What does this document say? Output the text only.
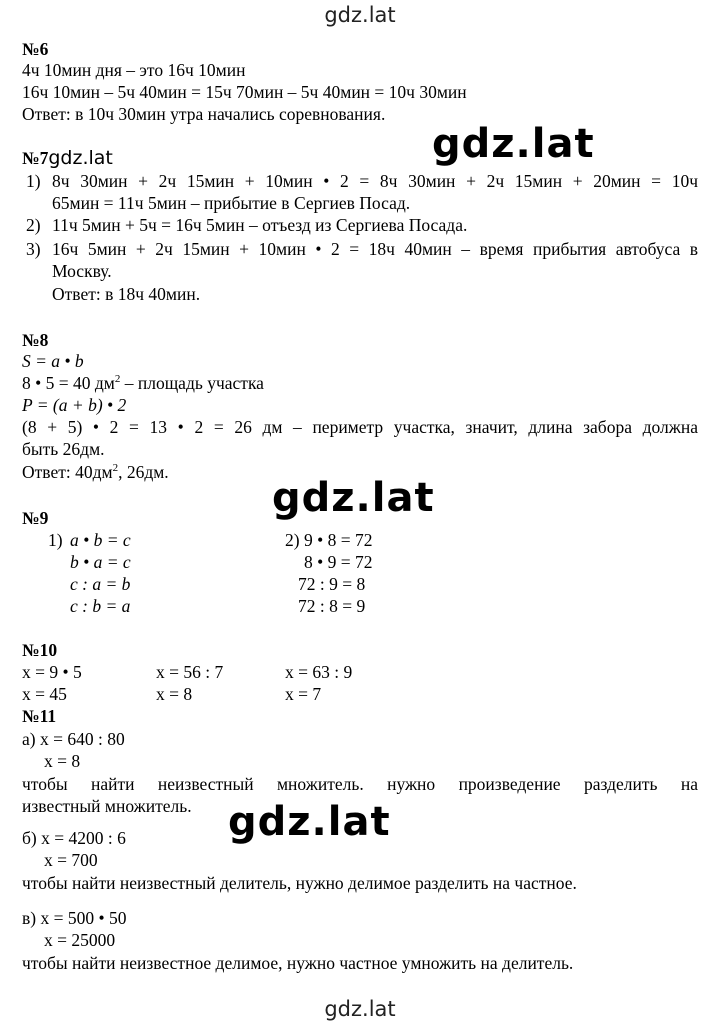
gdz.lat
gdz.lat
gdz.lat
gdz.lat
gdz.lat
№6
4ч 10мин дня – это 16ч 10мин
16ч 10мин – 5ч 40мин = 15ч 70мин – 5ч 40мин = 10ч 30мин
Ответ: в 10ч 30мин утра начались соревнования.
№7gdz.lat
1) 8ч 30мин + 2ч 15мин + 10мин • 2 = 8ч 30мин + 2ч 15мин + 20мин = 10ч
65мин = 11ч 5мин – прибытие в Сергиев Посад.
2) 11ч 5мин + 5ч = 16ч 5мин – отъезд из Сергиева Посада.
3) 16ч 5мин + 2ч 15мин + 10мин • 2 = 18ч 40мин – время прибытия автобуса в
Москву.
Ответ: в 18ч 40мин.
№8
S = a • b
8 • 5 = 40 $дм^2$ – площадь участка
P = (a + b) • 2
(8 + 5) • 2 = 13 • 2 = 26 дм – периметр участка, значит, длина забора должна
быть 26дм.
Ответ: $40дм^2$, 26дм.
№9
1) a • b = c
b • a = c
c : a = b
c : b = a
2) 9 • 8 = 72
8 • 9 = 72
72 : 9 = 8
72 : 8 = 9
№10
x = 9 • 5
x = 45
x = 56 : 7
x = 8
x = 63 : 9
x = 7
№11
а) x = 640 : 80
x = 8
чтобы найти неизвестный множитель. нужно произведение разделить на
известный множитель.
б) x = 4200 : 6
x = 700
чтобы найти неизвестный делитель, нужно делимое разделить на частное.
в) x = 500 • 50
x = 25000
чтобы найти неизвестное делимое, нужно частное умножить на делитель.
